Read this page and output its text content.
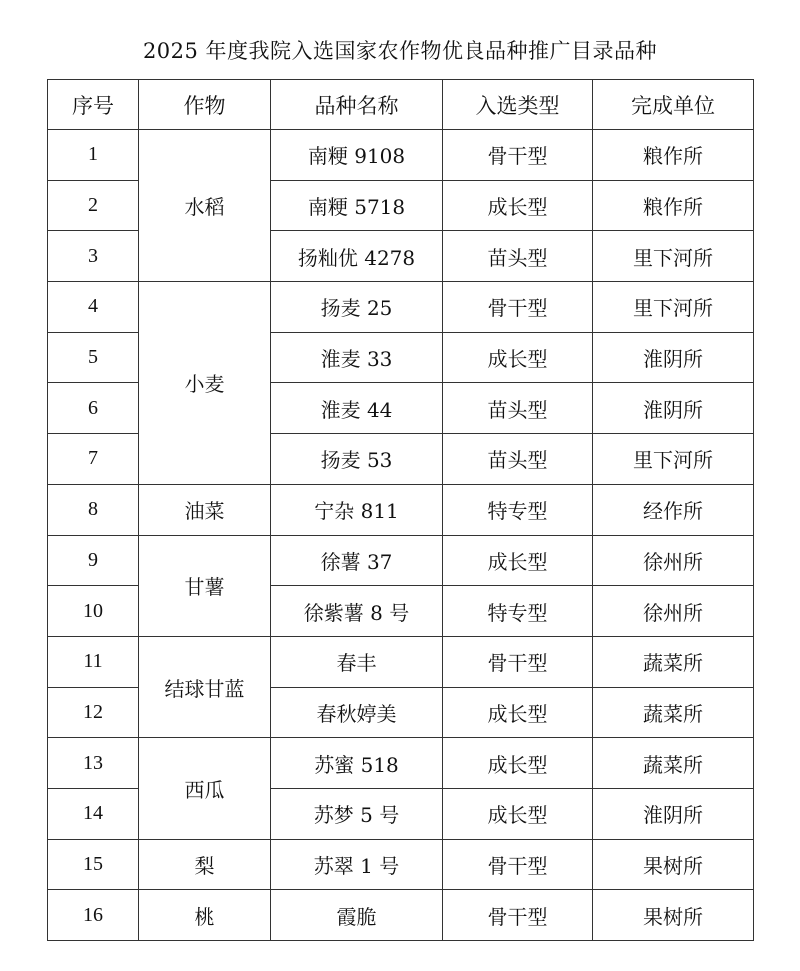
2025 年度我院入选国家农作物优良品种推广目录品种
序号	作物	品种名称	入选类型	完成单位
1	水稻	南粳 9108	骨干型	粮作所
2		南粳 5718	成长型	粮作所
3		扬籼优 4278	苗头型	里下河所
4	小麦	扬麦 25	骨干型	里下河所
5		淮麦 33	成长型	淮阴所
6		淮麦 44	苗头型	淮阴所
7		扬麦 53	苗头型	里下河所
8	油菜	宁杂 811	特专型	经作所
9	甘薯	徐薯 37	成长型	徐州所
10		徐紫薯 8 号	特专型	徐州所
11	结球甘蓝	春丰	骨干型	蔬菜所
12		春秋婷美	成长型	蔬菜所
13	西瓜	苏蜜 518	成长型	蔬菜所
14		苏梦 5 号	成长型	淮阴所
15	梨	苏翠 1 号	骨干型	果树所
16	桃	霞脆	骨干型	果树所
